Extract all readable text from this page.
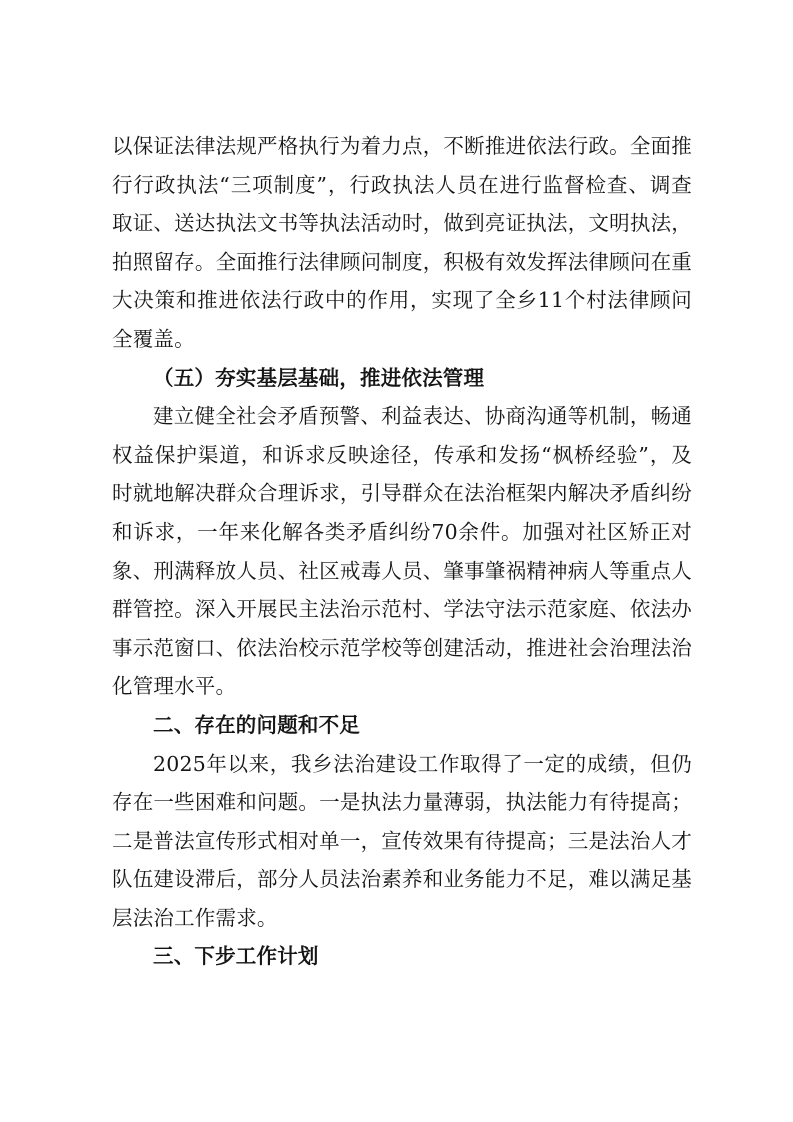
以保证法律法规严格执行为着力点，不断推进依法行政。全面推行行政执法“三项制度”，行政执法人员在进行监督检查、调查取证、送达执法文书等执法活动时，做到亮证执法，文明执法，拍照留存。全面推行法律顾问制度，积极有效发挥法律顾问在重大决策和推进依法行政中的作用，实现了全乡11个村法律顾问全覆盖。

（五）夯实基层基础，推进依法管理

建立健全社会矛盾预警、利益表达、协商沟通等机制，畅通权益保护渠道，和诉求反映途径，传承和发扬“枫桥经验”，及时就地解决群众合理诉求，引导群众在法治框架内解决矛盾纠纷和诉求，一年来化解各类矛盾纠纷70余件。加强对社区矫正对象、刑满释放人员、社区戒毒人员、肇事肇祸精神病人等重点人群管控。深入开展民主法治示范村、学法守法示范家庭、依法办事示范窗口、依法治校示范学校等创建活动，推进社会治理法治化管理水平。

二、存在的问题和不足

2025年以来，我乡法治建设工作取得了一定的成绩，但仍存在一些困难和问题。一是执法力量薄弱，执法能力有待提高；二是普法宣传形式相对单一，宣传效果有待提高；三是法治人才队伍建设滞后，部分人员法治素养和业务能力不足，难以满足基层法治工作需求。

三、下步工作计划
